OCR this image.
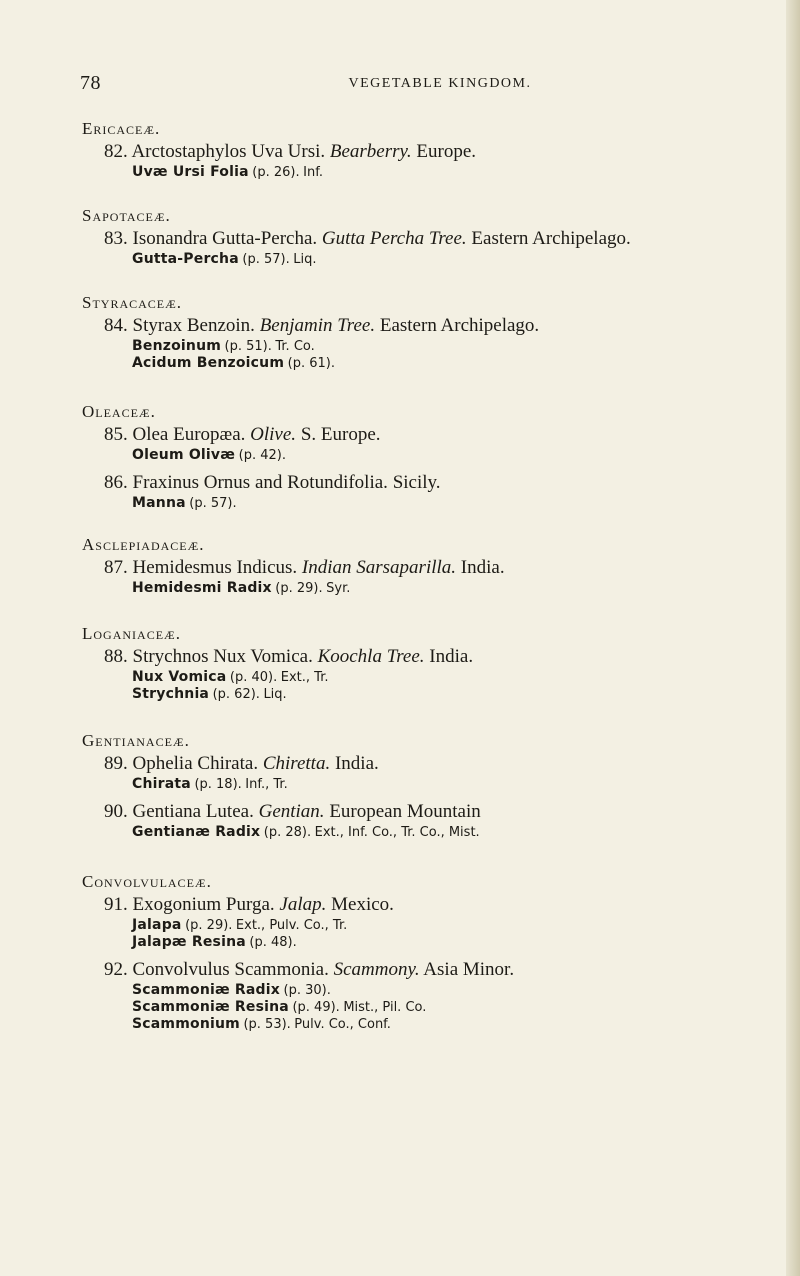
78	VEGETABLE KINGDOM.
Ericaceæ.
82. Arctostaphylos Uva Ursi. Bearberry. Europe.
Uvæ Ursi Folia (p. 26). Inf.
Sapotaceæ.
83. Isonandra Gutta-Percha. Gutta Percha Tree. Eastern Archipelago.
Gutta-Percha (p. 57). Liq.
Styracaceæ.
84. Styrax Benzoin. Benjamin Tree. Eastern Archipelago.
Benzoinum (p. 51). Tr. Co.
Acidum Benzoicum (p. 61).
Oleaceæ.
85. Olea Europæa. Olive. S. Europe.
Oleum Olivæ (p. 42).
86. Fraxinus Ornus and Rotundifolia. Sicily.
Manna (p. 57).
Asclepiadaceæ.
87. Hemidesmus Indicus. Indian Sarsaparilla. India.
Hemidesmi Radix (p. 29). Syr.
Loganiaceæ.
88. Strychnos Nux Vomica. Koochla Tree. India.
Nux Vomica (p. 40). Ext., Tr.
Strychnia (p. 62). Liq.
Gentianaceæ.
89. Ophelia Chirata. Chiretta. India.
Chirata (p. 18). Inf., Tr.
90. Gentiana Lutea. Gentian. European Mountain
Gentianæ Radix (p. 28). Ext., Inf. Co., Tr. Co., Mist.
Convolvulaceæ.
91. Exogonium Purga. Jalap. Mexico.
Jalapa (p. 29). Ext., Pulv. Co., Tr.
Jalapæ Resina (p. 48).
92. Convolvulus Scammonia. Scammony. Asia Minor.
Scammoniæ Radix (p. 30).
Scammoniæ Resina (p. 49). Mist., Pil. Co.
Scammonium (p. 53). Pulv. Co., Conf.
